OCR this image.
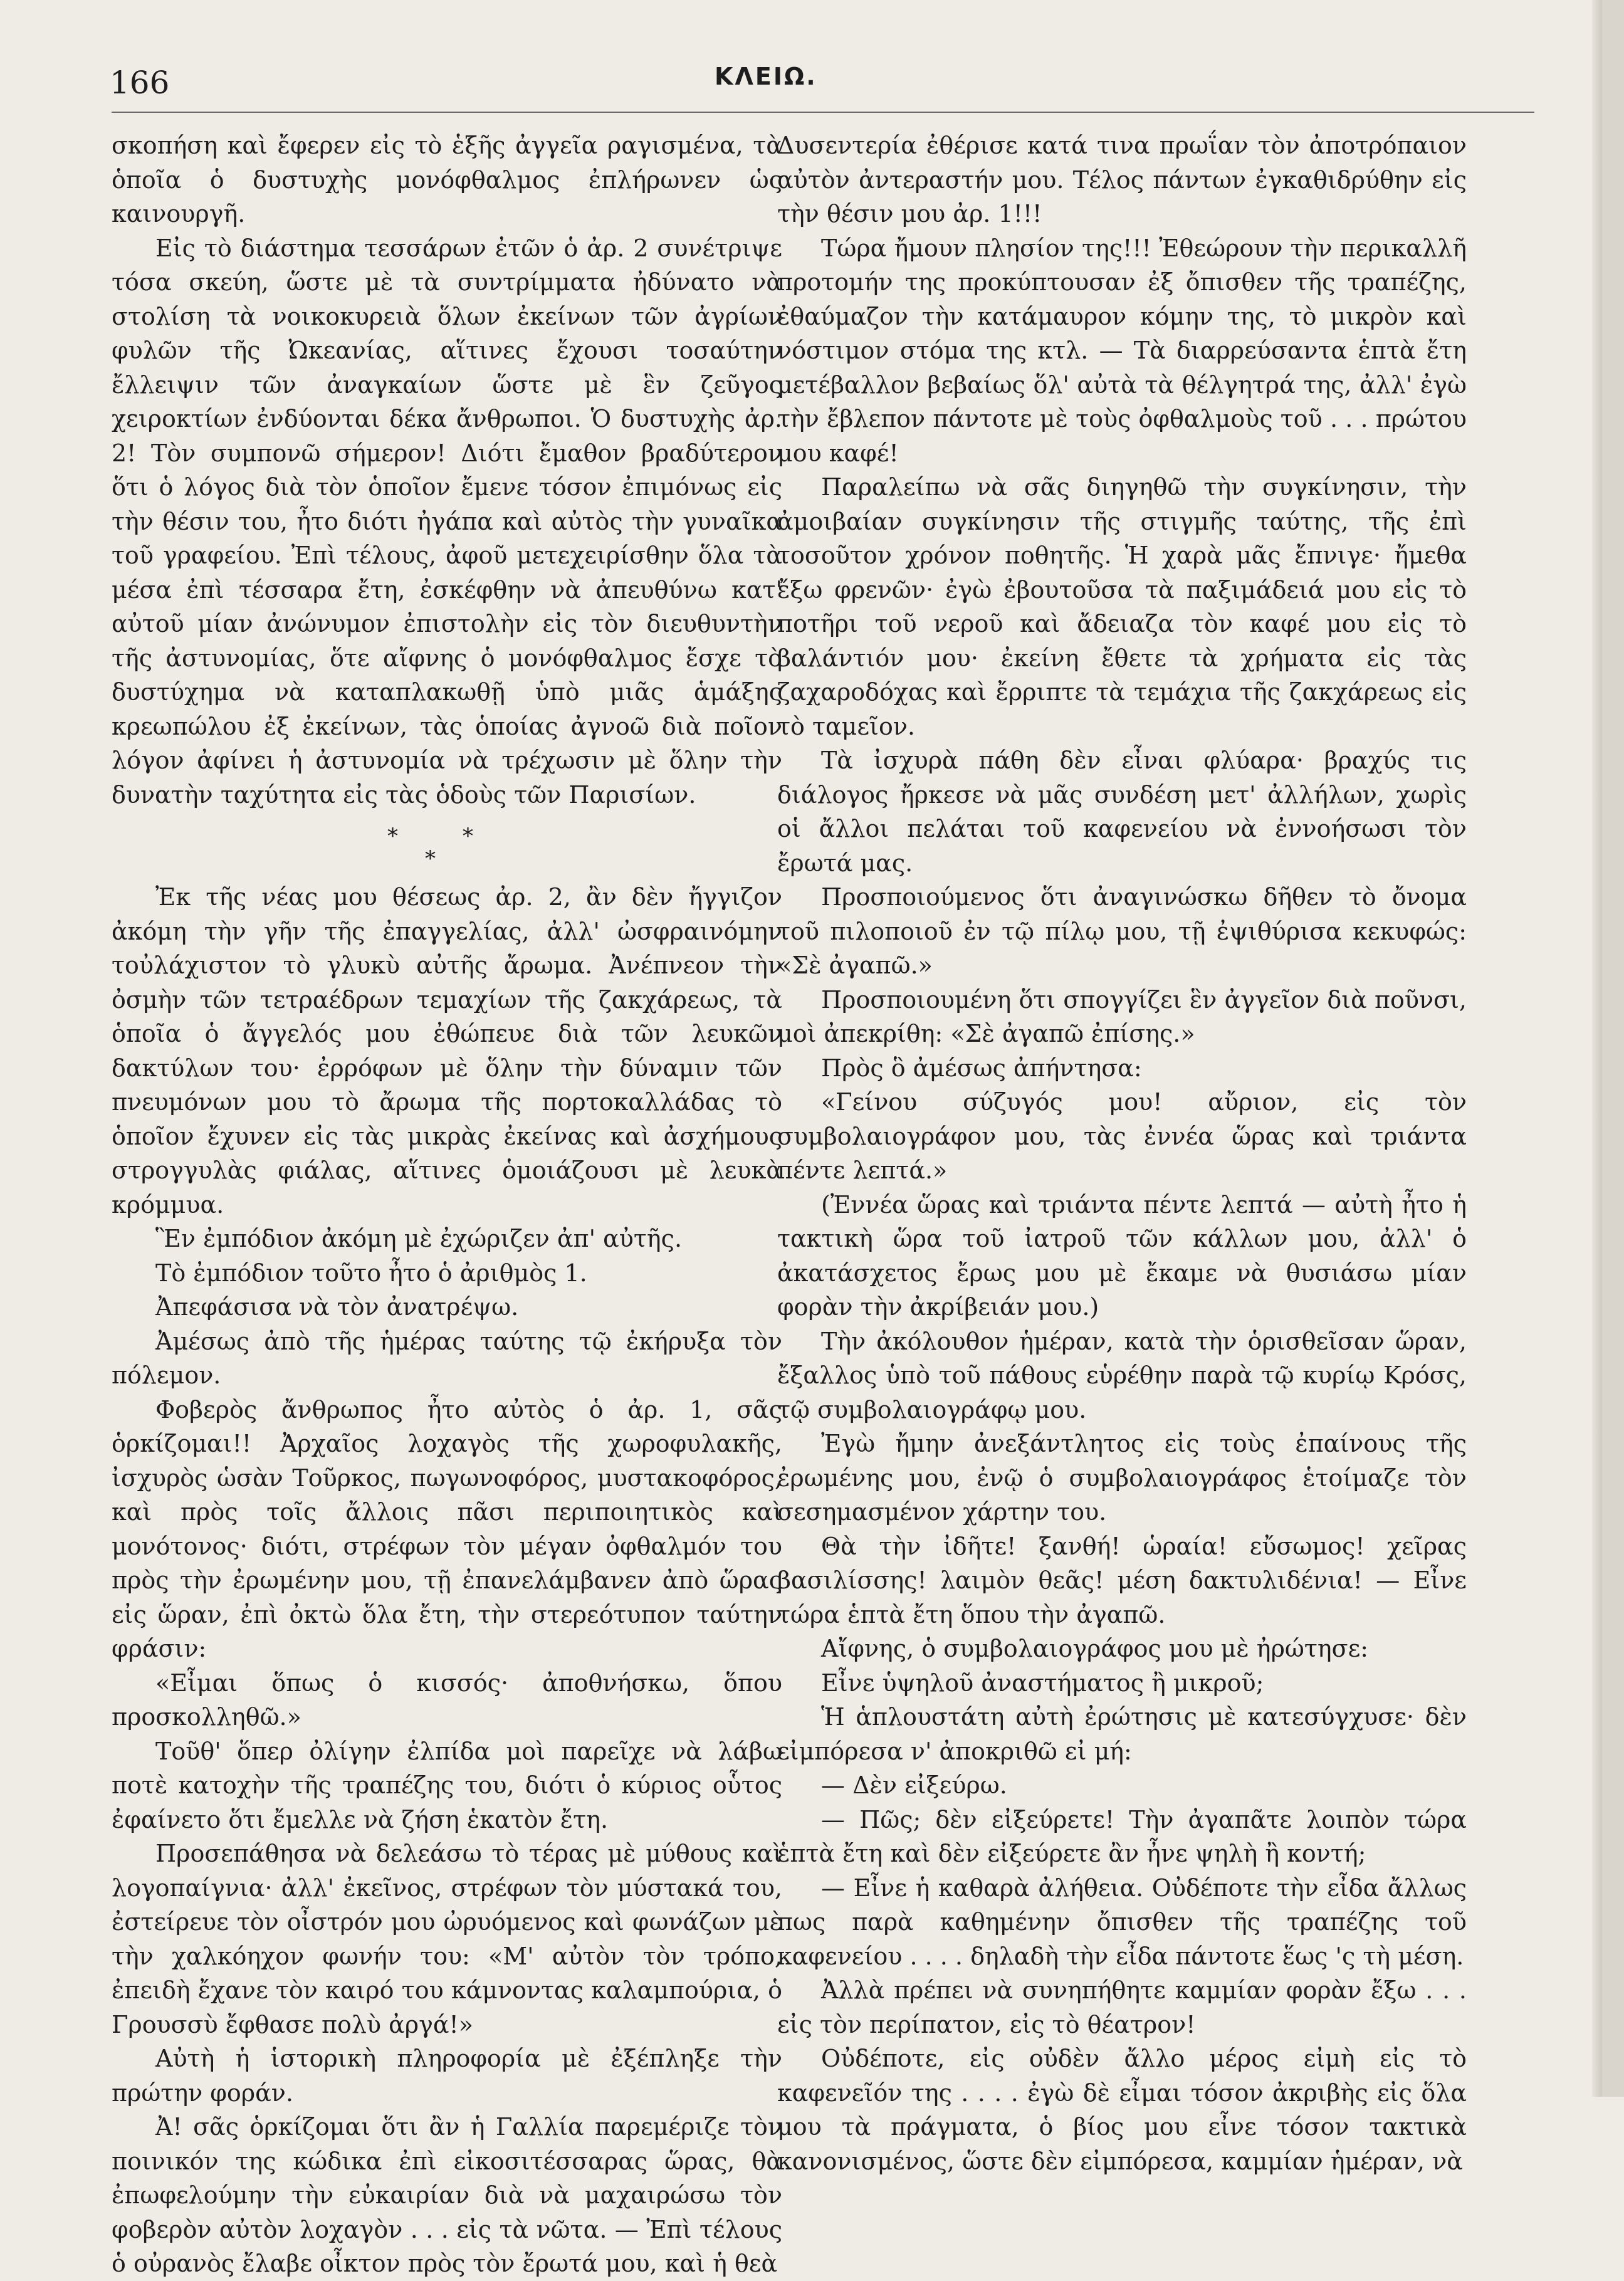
166	ΚΛΕΙΩ.

σκοπήση καὶ ἔφερεν εἰς τὸ ἑξῆς ἀγγεῖα ραγισμένα, τὰ ὁποῖα ὁ δυστυχὴς μονόφθαλμος ἐπλήρωνεν ὡς καινουργῆ.

Εἰς τὸ διάστημα τεσσάρων ἐτῶν ὁ ἀρ. 2 συνέτριψε τόσα σκεύη, ὥστε μὲ τὰ συντρίμματα ἠδύνατο νὰ στολίση τὰ νοικοκυρειὰ ὅλων ἐκείνων τῶν ἀγρίων φυλῶν τῆς Ὠκεανίας, αἵτινες ἔχουσι τοσαύτην ἔλλειψιν τῶν ἀναγκαίων ὥστε μὲ ἓν ζεῦγος χειροκτίων ἐνδύονται δέκα ἄνθρωποι. Ὁ δυστυχὴς ἀρ. 2! Τὸν συμπονῶ σήμερον! Διότι ἔμαθον βραδύτερον ὅτι ὁ λόγος διὰ τὸν ὁποῖον ἔμενε τόσον ἐπιμόνως εἰς τὴν θέσιν του, ἦτο διότι ἠγάπα καὶ αὐτὸς τὴν γυναῖκα τοῦ γραφείου. Ἐπὶ τέλους, ἀφοῦ μετεχειρίσθην ὅλα τὰ μέσα ἐπὶ τέσσαρα ἔτη, ἐσκέφθην νὰ ἀπευθύνω κατ' αὐτοῦ μίαν ἀνώνυμον ἐπιστολὴν εἰς τὸν διευθυντὴν τῆς ἀστυνομίας, ὅτε αἴφνης ὁ μονόφθαλμος ἔσχε τὸ δυστύχημα νὰ καταπλακωθῇ ὑπὸ μιᾶς ἁμάξης κρεωπώλου ἐξ ἐκείνων, τὰς ὁποίας ἀγνοῶ διὰ ποῖον λόγον ἀφίνει ἡ ἀστυνομία νὰ τρέχωσιν μὲ ὅλην τὴν δυνατὴν ταχύτητα εἰς τὰς ὁδοὺς τῶν Παρισίων.

*	*
*

Ἐκ τῆς νέας μου θέσεως ἀρ. 2, ἂν δὲν ἤγγιζον ἀκόμη τὴν γῆν τῆς ἐπαγγελίας, ἀλλ' ὠσφραινόμην τοὐλάχιστον τὸ γλυκὺ αὐτῆς ἄρωμα. Ἀνέπνεον τὴν ὀσμὴν τῶν τετραέδρων τεμαχίων τῆς ζακχάρεως, τὰ ὁποῖα ὁ ἄγγελός μου ἐθώπευε διὰ τῶν λευκῶν δακτύλων του· ἐρρόφων μὲ ὅλην τὴν δύναμιν τῶν πνευμόνων μου τὸ ἄρωμα τῆς πορτοκαλλάδας τὸ ὁποῖον ἔχυνεν εἰς τὰς μικρὰς ἐκείνας καὶ ἀσχήμους στρογγυλὰς φιάλας, αἵτινες ὁμοιάζουσι μὲ λευκὰ κρόμμυα.

Ἓν ἐμπόδιον ἀκόμη μὲ ἐχώριζεν ἀπ' αὐτῆς.

Τὸ ἐμπόδιον τοῦτο ἦτο ὁ ἀριθμὸς 1.

Ἀπεφάσισα νὰ τὸν ἀνατρέψω.

Ἀμέσως ἀπὸ τῆς ἡμέρας ταύτης τῷ ἐκήρυξα τὸν πόλεμον.

Φοβερὸς ἄνθρωπος ἦτο αὐτὸς ὁ ἀρ. 1, σᾶς ὁρκίζομαι!! Ἀρχαῖος λοχαγὸς τῆς χωροφυλακῆς, ἰσχυρὸς ὡσὰν Τοῦρκος, πωγωνοφόρος, μυστακοφόρος, καὶ πρὸς τοῖς ἄλλοις πᾶσι περιποιητικὸς καὶ μονότονος· διότι, στρέφων τὸν μέγαν ὀφθαλμόν του πρὸς τὴν ἐρωμένην μου, τῇ ἐπανελάμβανεν ἀπὸ ὥρας εἰς ὥραν, ἐπὶ ὀκτὼ ὅλα ἔτη, τὴν στερεότυπον ταύτην φράσιν:

«Εἶμαι ὅπως ὁ κισσός· ἀποθνήσκω, ὅπου προσκολληθῶ.»

Τοῦθ' ὅπερ ὀλίγην ἐλπίδα μοὶ παρεῖχε νὰ λάβω ποτὲ κατοχὴν τῆς τραπέζης του, διότι ὁ κύριος οὗτος ἐφαίνετο ὅτι ἔμελλε νὰ ζήση ἑκατὸν ἔτη.

Προσεπάθησα νὰ δελεάσω τὸ τέρας μὲ μύθους καὶ λογοπαίγνια· ἀλλ' ἐκεῖνος, στρέφων τὸν μύστακά του, ἐστείρευε τὸν οἶστρόν μου ὠρυόμενος καὶ φωνάζων μὲ τὴν χαλκόηχον φωνήν του: «Μ' αὐτὸν τὸν τρόπο, ἐπειδὴ ἔχανε τὸν καιρό του κάμνοντας καλαμπούρια, ὁ Γρουσσὺ ἔφθασε πολὺ ἀργά!»

Αὐτὴ ἡ ἱστορικὴ πληροφορία μὲ ἐξέπληξε τὴν πρώτην φοράν.

Ἀ! σᾶς ὁρκίζομαι ὅτι ἂν ἡ Γαλλία παρεμέριζε τὸν ποινικόν της κώδικα ἐπὶ εἰκοσιτέσσαρας ὥρας, θὰ ἐπωφελούμην τὴν εὐκαιρίαν διὰ νὰ μαχαιρώσω τὸν φοβερὸν αὐτὸν λοχαγὸν . . . εἰς τὰ νῶτα. — Ἐπὶ τέλους ὁ οὐρανὸς ἔλαβε οἶκτον πρὸς τὸν ἔρωτά μου, καὶ ἡ θεὰ

Δυσεντερία ἐθέρισε κατά τινα πρωΐαν τὸν ἀποτρόπαιον αὐτὸν ἀντεραστήν μου. Τέλος πάντων ἐγκαθιδρύθην εἰς τὴν θέσιν μου ἀρ. 1!!!

Τώρα ἤμουν πλησίον της!!! Ἐθεώρουν τὴν περικαλλῆ προτομήν της προκύπτουσαν ἐξ ὄπισθεν τῆς τραπέζης, ἐθαύμαζον τὴν κατάμαυρον κόμην της, τὸ μικρὸν καὶ νόστιμον στόμα της κτλ. — Τὰ διαρρεύσαντα ἑπτὰ ἔτη μετέβαλλον βεβαίως ὅλ' αὐτὰ τὰ θέλγητρά της, ἀλλ' ἐγὼ τὴν ἔβλεπον πάντοτε μὲ τοὺς ὀφθαλμοὺς τοῦ . . . πρώτου μου καφέ!

Παραλείπω νὰ σᾶς διηγηθῶ τὴν συγκίνησιν, τὴν ἀμοιβαίαν συγκίνησιν τῆς στιγμῆς ταύτης, τῆς ἐπὶ τοσοῦτον χρόνον ποθητῆς. Ἡ χαρὰ μᾶς ἔπνιγε· ἤμεθα ἔξω φρενῶν· ἐγὼ ἐβουτοῦσα τὰ παξιμάδειά μου εἰς τὸ ποτῆρι τοῦ νεροῦ καὶ ἄδειαζα τὸν καφέ μου εἰς τὸ βαλάντιόν μου· ἐκείνη ἔθετε τὰ χρήματα εἰς τὰς ζαχαροδόχας καὶ ἔρριπτε τὰ τεμάχια τῆς ζακχάρεως εἰς τὸ ταμεῖον.

Τὰ ἰσχυρὰ πάθη δὲν εἶναι φλύαρα· βραχύς τις διάλογος ἤρκεσε νὰ μᾶς συνδέση μετ' ἀλλήλων, χωρὶς οἱ ἄλλοι πελάται τοῦ καφενείου νὰ ἐννοήσωσι τὸν ἔρωτά μας.

Προσποιούμενος ὅτι ἀναγινώσκω δῆθεν τὸ ὄνομα τοῦ πιλοποιοῦ ἐν τῷ πίλῳ μου, τῇ ἐψιθύρισα κεκυφώς: «Σὲ ἀγαπῶ.»

Προσποιουμένη ὅτι σπογγίζει ἓν ἀγγεῖον διὰ ποῦνσι, μοὶ ἀπεκρίθη: «Σὲ ἀγαπῶ ἐπίσης.»

Πρὸς ὃ ἀμέσως ἀπήντησα:

«Γείνου σύζυγός μου! αὔριον, εἰς τὸν συμβολαιογράφον μου, τὰς ἐννέα ὥρας καὶ τριάντα πέντε λεπτά.»

(Ἐννέα ὥρας καὶ τριάντα πέντε λεπτά — αὐτὴ ἦτο ἡ τακτικὴ ὥρα τοῦ ἰατροῦ τῶν κάλλων μου, ἀλλ' ὁ ἀκατάσχετος ἔρως μου μὲ ἔκαμε νὰ θυσιάσω μίαν φορὰν τὴν ἀκρίβειάν μου.)

Τὴν ἀκόλουθον ἡμέραν, κατὰ τὴν ὁρισθεῖσαν ὥραν, ἔξαλλος ὑπὸ τοῦ πάθους εὑρέθην παρὰ τῷ κυρίῳ Κρόσς, τῷ συμβολαιογράφῳ μου.

Ἐγὼ ἤμην ἀνεξάντλητος εἰς τοὺς ἐπαίνους τῆς ἐρωμένης μου, ἐνῷ ὁ συμβολαιογράφος ἑτοίμαζε τὸν σεσημασμένον χάρτην του.

Θὰ τὴν ἰδῆτε! ξανθή! ὡραία! εὔσωμος! χεῖρας βασιλίσσης! λαιμὸν θεᾶς! μέση δακτυλιδένια! — Εἶνε τώρα ἑπτὰ ἔτη ὅπου τὴν ἀγαπῶ.

Αἴφνης, ὁ συμβολαιογράφος μου μὲ ἠρώτησε:

Εἶνε ὑψηλοῦ ἀναστήματος ἢ μικροῦ;

Ἡ ἁπλουστάτη αὐτὴ ἐρώτησις μὲ κατεσύγχυσε· δὲν εἰμπόρεσα ν' ἀποκριθῶ εἰ μή:

— Δὲν εἰξεύρω.

— Πῶς; δὲν εἰξεύρετε! Τὴν ἀγαπᾶτε λοιπὸν τώρα ἑπτὰ ἔτη καὶ δὲν εἰξεύρετε ἂν ἦνε ψηλὴ ἢ κοντή;

— Εἶνε ἡ καθαρὰ ἀλήθεια. Οὐδέποτε τὴν εἶδα ἄλλως πως παρὰ καθημένην ὄπισθεν τῆς τραπέζης τοῦ καφενείου . . . . δηλαδὴ τὴν εἶδα πάντοτε ἕως 'ς τὴ μέση.

Ἀλλὰ πρέπει νὰ συνηπήθητε καμμίαν φορὰν ἔξω . . . εἰς τὸν περίπατον, εἰς τὸ θέατρον!

Οὐδέποτε, εἰς οὐδὲν ἄλλο μέρος εἰμὴ εἰς τὸ καφενεῖόν της . . . . ἐγὼ δὲ εἶμαι τόσον ἀκριβὴς εἰς ὅλα μου τὰ πράγματα, ὁ βίος μου εἶνε τόσον τακτικὰ κανονισμένος, ὥστε δὲν εἰμπόρεσα, καμμίαν ἡμέραν, νὰ
